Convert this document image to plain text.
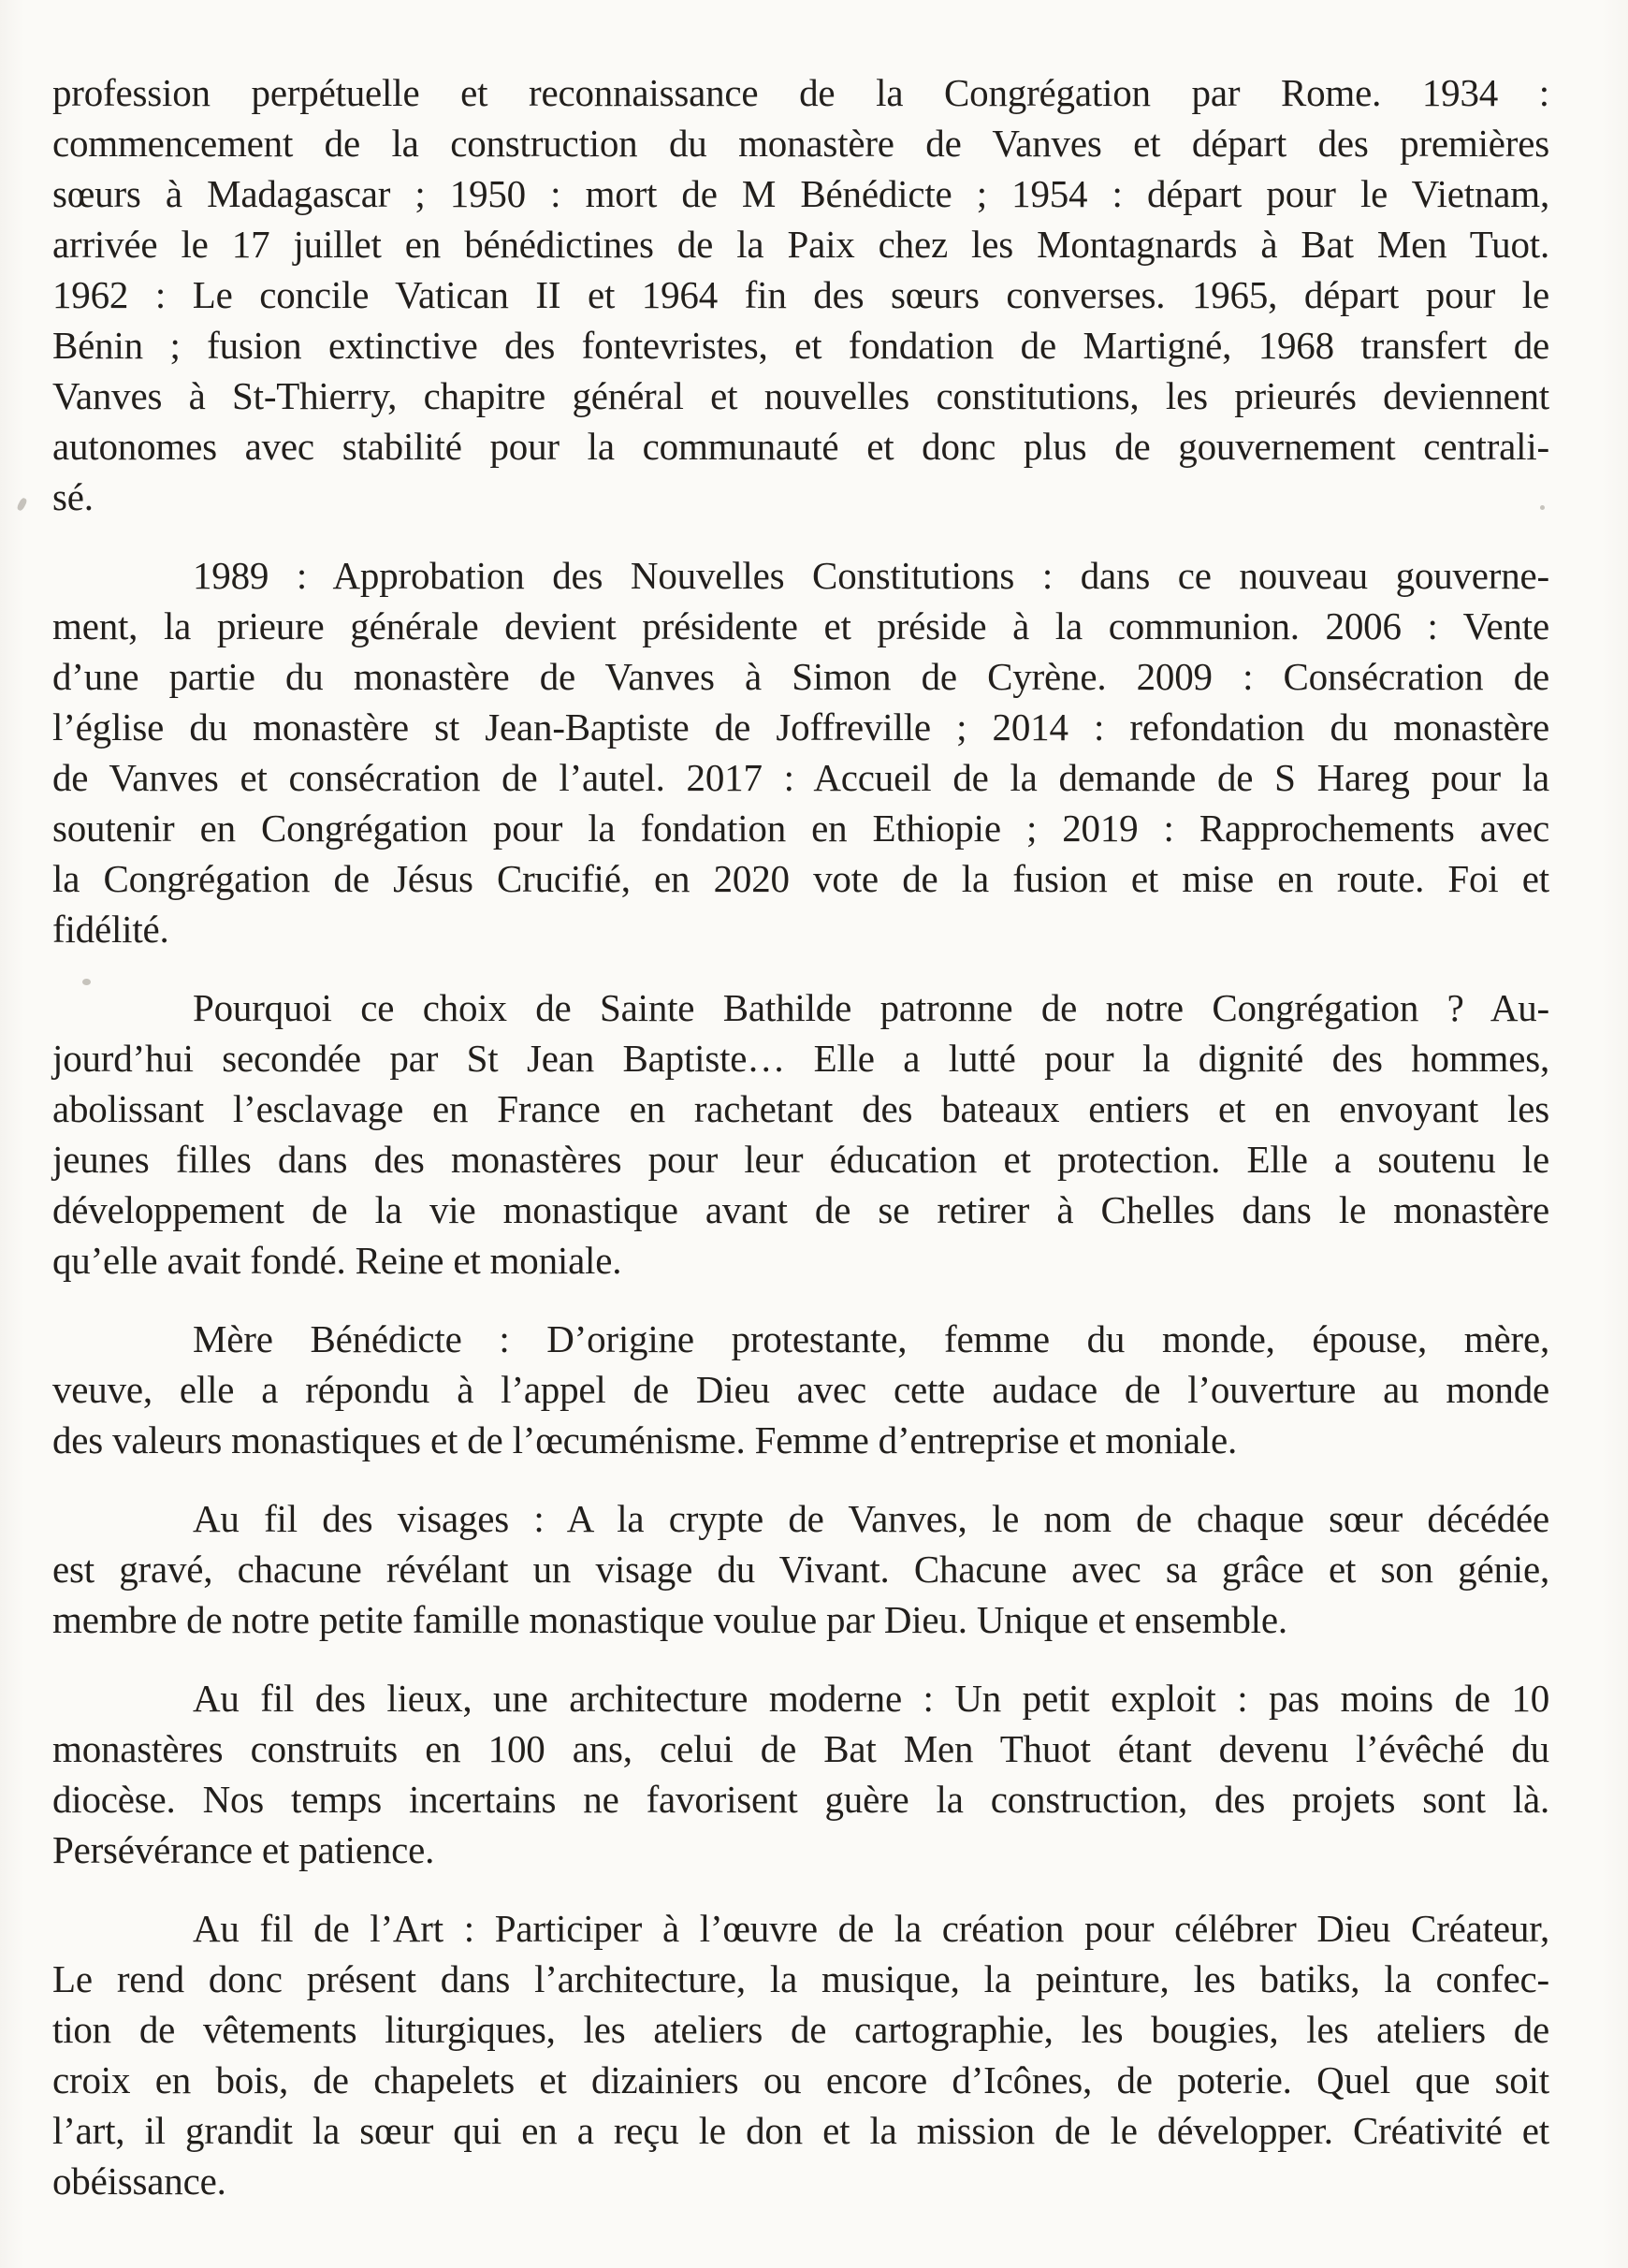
profession perpétuelle et reconnaissance de la Congrégation par Rome. 1934 :
commencement de la construction du monastère de Vanves et départ des premières
sœurs à Madagascar ; 1950 : mort de M Bénédicte ; 1954 : départ pour le Vietnam,
arrivée le 17 juillet en bénédictines de la Paix chez les Montagnards à Bat Men Tuot.
1962 : Le concile Vatican II et 1964 fin des sœurs converses. 1965, départ pour le
Bénin ; fusion extinctive des fontevristes, et fondation de Martigné, 1968 transfert de
Vanves à St-Thierry, chapitre général et nouvelles constitutions, les prieurés deviennent
autonomes avec stabilité pour la communauté et donc plus de gouvernement centrali-
sé.
1989 : Approbation des Nouvelles Constitutions : dans ce nouveau gouverne-
ment, la prieure générale devient présidente et préside à la communion. 2006 : Vente
d’une partie du monastère de Vanves à Simon de Cyrène. 2009 : Consécration de
l’église du monastère st Jean-Baptiste de Joffreville ; 2014 : refondation du monastère
de Vanves et consécration de l’autel. 2017 : Accueil de la demande de S Hareg pour la
soutenir en Congrégation pour la fondation en Ethiopie ; 2019 : Rapprochements avec
la Congrégation de Jésus Crucifié, en 2020 vote de la fusion et mise en route. Foi et
fidélité.
Pourquoi ce choix de Sainte Bathilde patronne de notre Congrégation ? Au-
jourd’hui secondée par St Jean Baptiste… Elle a lutté pour la dignité des hommes,
abolissant l’esclavage en France en rachetant des bateaux entiers et en envoyant les
jeunes filles dans des monastères pour leur éducation et protection. Elle a soutenu le
développement de la vie monastique avant de se retirer à Chelles dans le monastère
qu’elle avait fondé. Reine et moniale.
Mère Bénédicte : D’origine protestante, femme du monde, épouse, mère,
veuve, elle a répondu à l’appel de Dieu avec cette audace de l’ouverture au monde
des valeurs monastiques et de l’œcuménisme. Femme d’entreprise et moniale.
Au fil des visages : A la crypte de Vanves, le nom de chaque sœur décédée
est gravé, chacune révélant un visage du Vivant. Chacune avec sa grâce et son génie,
membre de notre petite famille monastique voulue par Dieu. Unique et ensemble.
Au fil des lieux, une architecture moderne : Un petit exploit : pas moins de 10
monastères construits en 100 ans, celui de Bat Men Thuot étant devenu l’évêché du
diocèse. Nos temps incertains ne favorisent guère la construction, des projets sont là.
Persévérance et patience.
Au fil de l’Art : Participer à l’œuvre de la création pour célébrer Dieu Créateur,
Le rend donc présent dans l’architecture, la musique, la peinture, les batiks, la confec-
tion de vêtements liturgiques, les ateliers de cartographie, les bougies, les ateliers de
croix en bois, de chapelets et dizainiers ou encore d’Icônes, de poterie. Quel que soit
l’art, il grandit la sœur qui en a reçu le don et la mission de le développer. Créativité et
obéissance.
